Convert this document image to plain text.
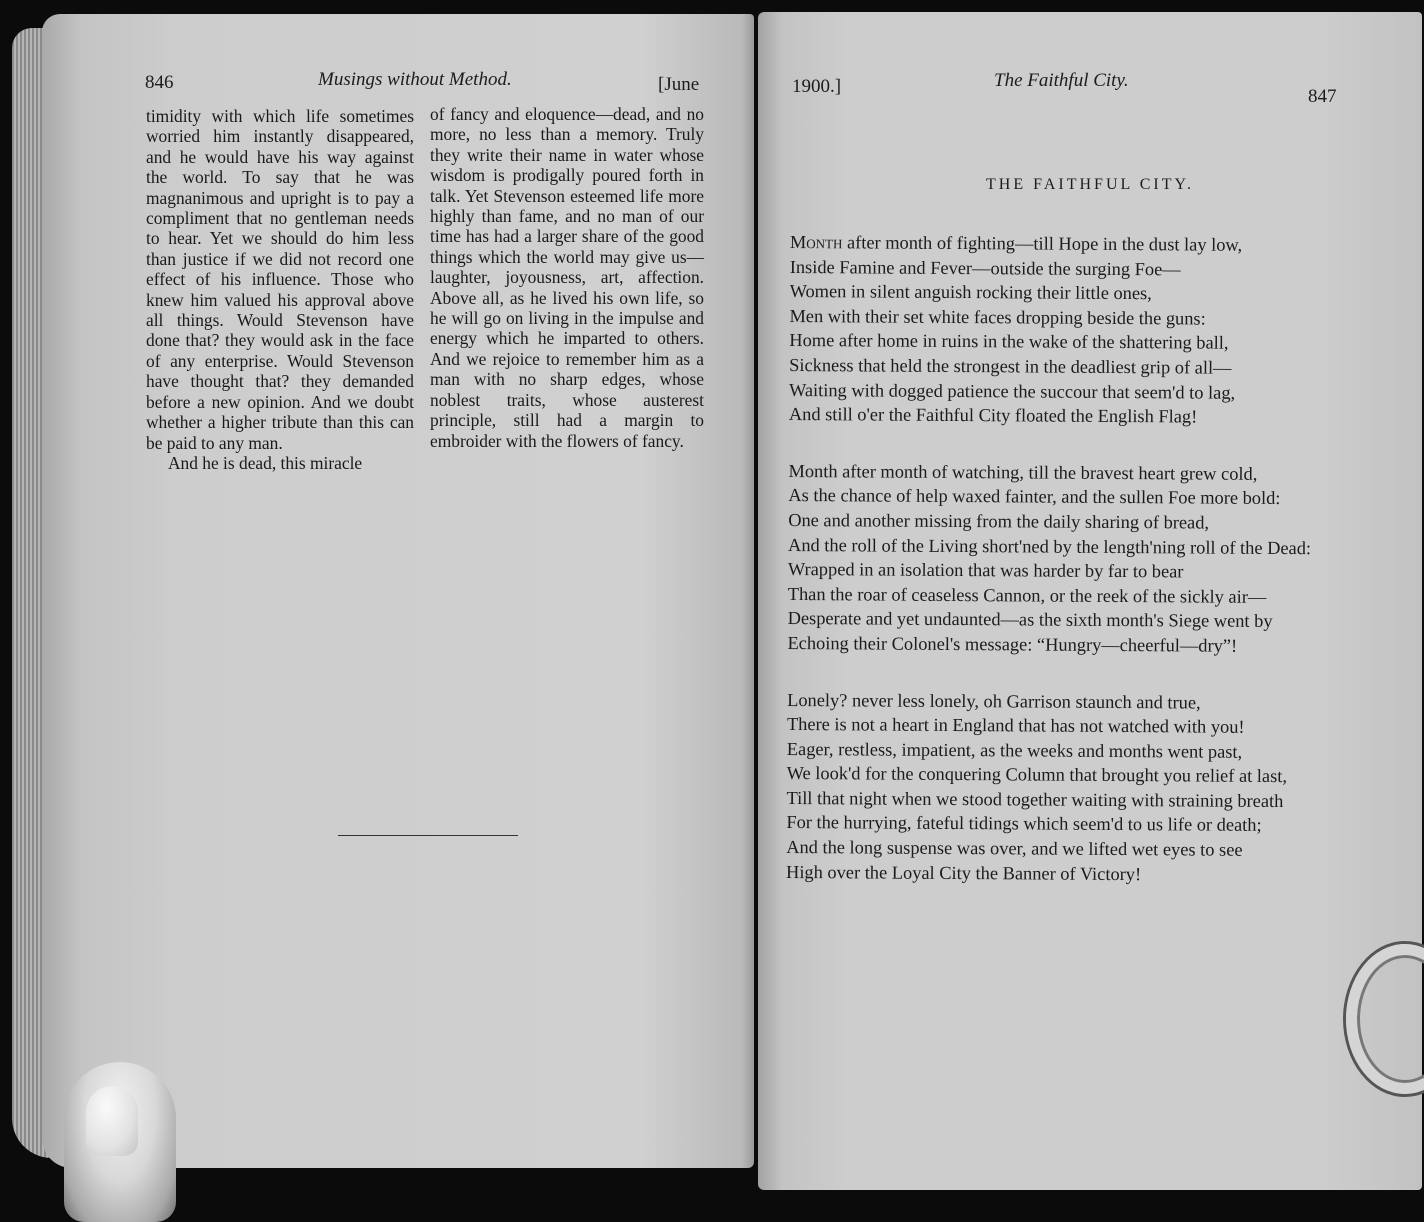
846	Musings without Method.	[June

timidity with which life sometimes worried him instantly disappeared, and he would have his way against the world. To say that he was magnanimous and upright is to pay a compliment that no gentleman needs to hear. Yet we should do him less than justice if we did not record one effect of his influence. Those who knew him valued his approval above all things. Would Stevenson have done that? they would ask in the face of any enterprise. Would Stevenson have thought that? they demanded before a new opinion. And we doubt whether a higher tribute than this can be paid to any man.

And he is dead, this miracle

of fancy and eloquence—dead, and no more, no less than a memory. Truly they write their name in water whose wisdom is prodigally poured forth in talk. Yet Stevenson esteemed life more highly than fame, and no man of our time has had a larger share of the good things which the world may give us—laughter, joyousness, art, affection. Above all, as he lived his own life, so he will go on living in the impulse and energy which he imparted to others. And we rejoice to remember him as a man with no sharp edges, whose noblest traits, whose austerest principle, still had a margin to embroider with the flowers of fancy.

1900.]	The Faithful City.
847
THE FAITHFUL CITY.
Month after month of fighting—till Hope in the dust lay low,
Inside Famine and Fever—outside the surging Foe—
Women in silent anguish rocking their little ones,
Men with their set white faces dropping beside the guns:
Home after home in ruins in the wake of the shattering ball,
Sickness that held the strongest in the deadliest grip of all—
Waiting with dogged patience the succour that seem'd to lag,
And still o'er the Faithful City floated the English Flag!
Month after month of watching, till the bravest heart grew cold,
As the chance of help waxed fainter, and the sullen Foe more bold:
One and another missing from the daily sharing of bread,
And the roll of the Living short'ned by the length'ning roll of the Dead:
Wrapped in an isolation that was harder by far to bear
Than the roar of ceaseless Cannon, or the reek of the sickly air—
Desperate and yet undaunted—as the sixth month's Siege went by
Echoing their Colonel's message: “Hungry—cheerful—dry”!
Lonely? never less lonely, oh Garrison staunch and true,
There is not a heart in England that has not watched with you!
Eager, restless, impatient, as the weeks and months went past,
We look'd for the conquering Column that brought you relief at last,
Till that night when we stood together waiting with straining breath
For the hurrying, fateful tidings which seem'd to us life or death;
And the long suspense was over, and we lifted wet eyes to see
High over the Loyal City the Banner of Victory!
